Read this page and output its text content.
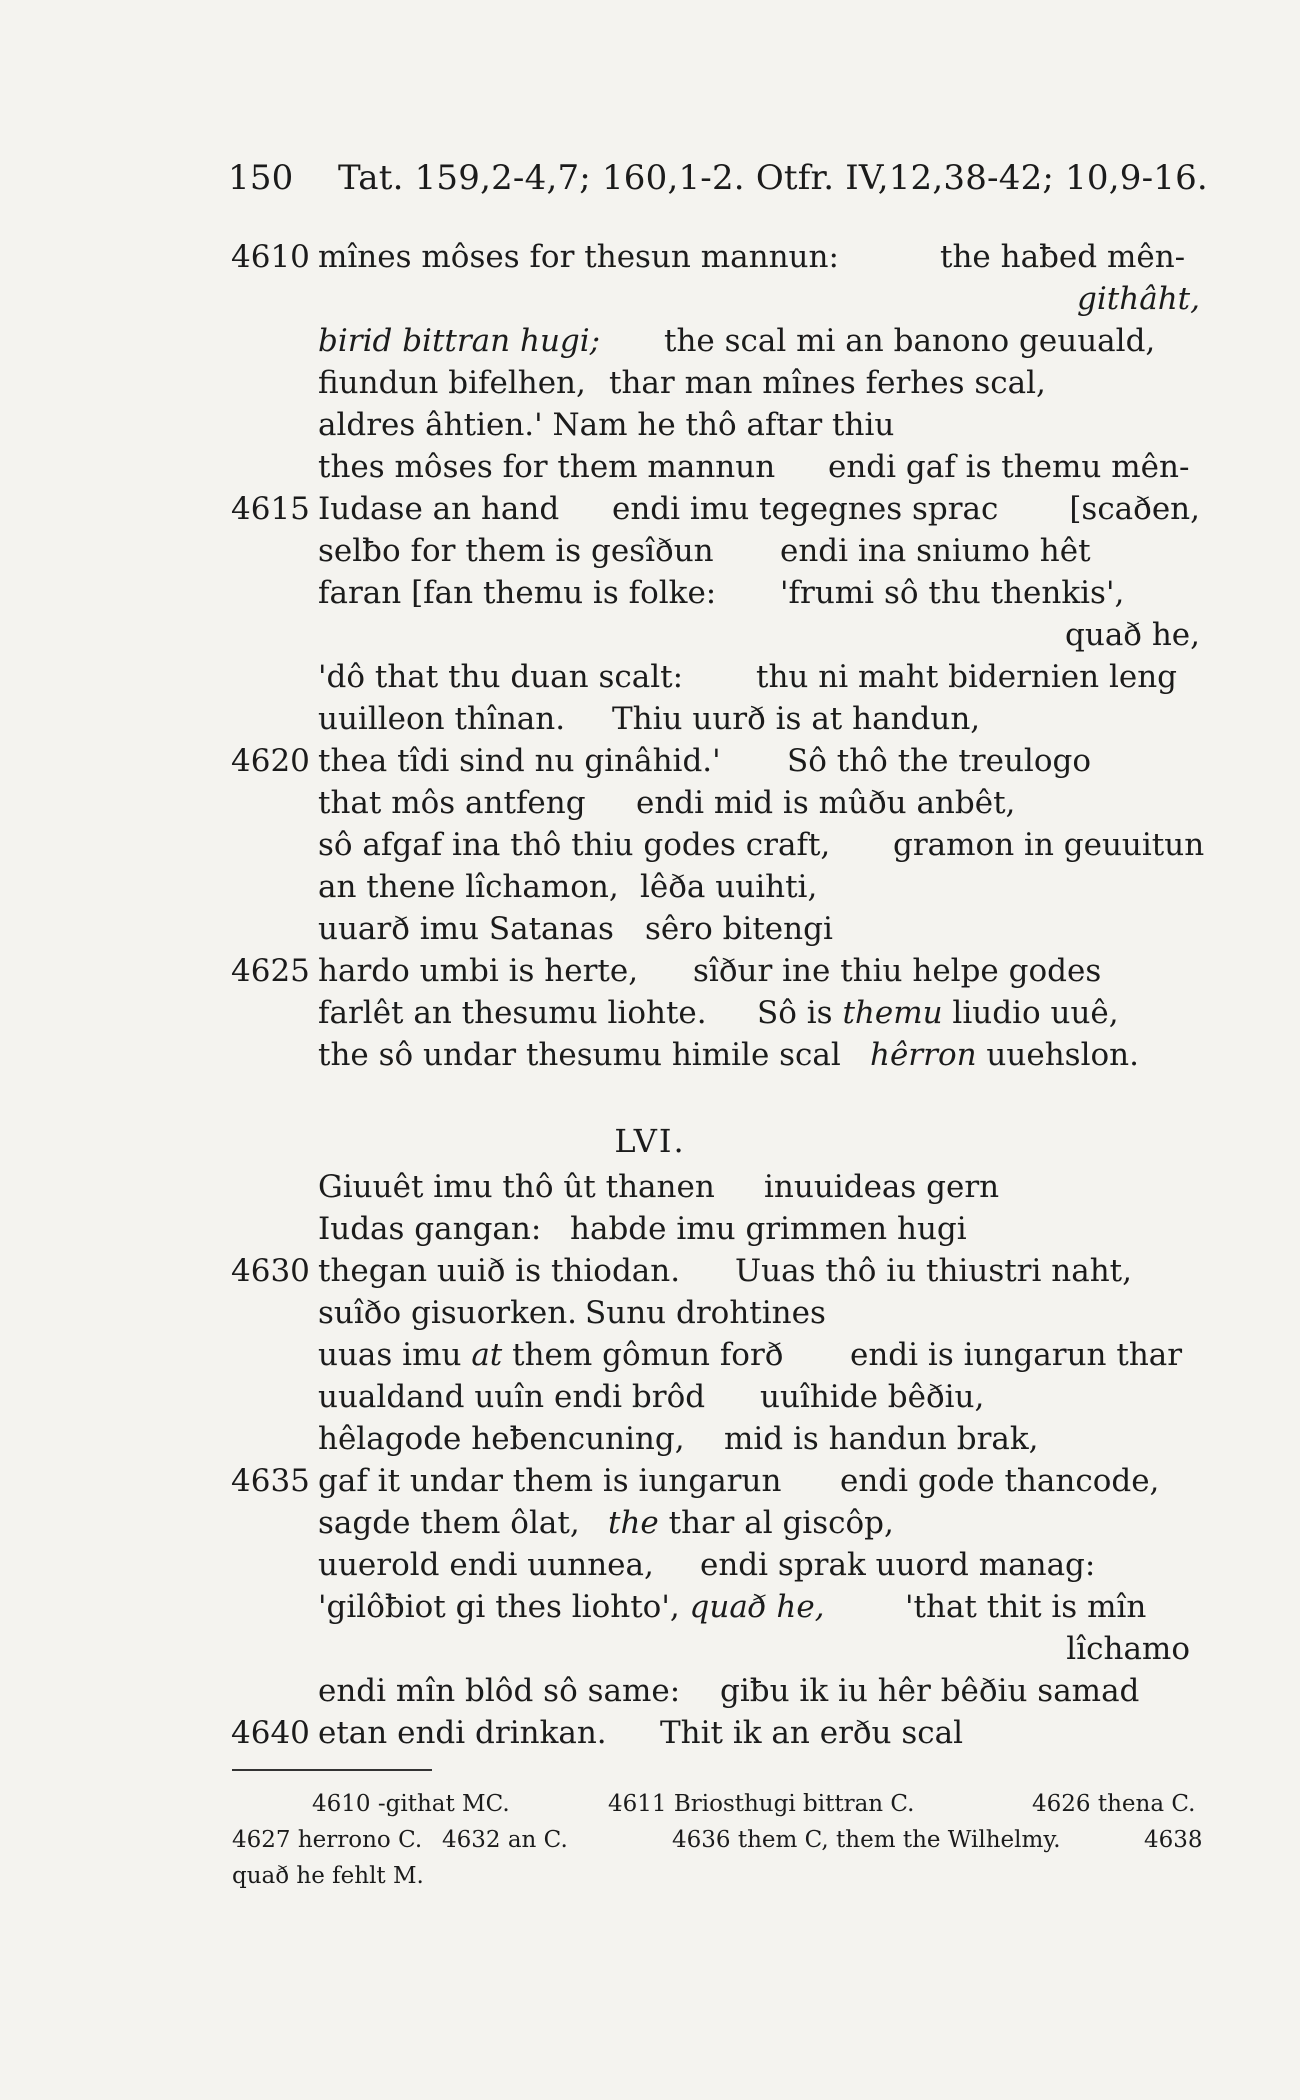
150 Tat. 159,2-4,7; 160,1-2. Otfr. IV,12,38-42; 10,9-16.
4610 mînes môses for thesun mannun:	the haƀed mên-
githâht,
birid bittran hugi; the scal mi an banono geuuald,
fiundun bifelhen, thar man mînes ferhes scal,
aldres âhtien.' Nam he thô aftar thiu
thes môses for them mannun endi gaf is themu mên-
4615 Iudase an hand endi imu tegegnes sprac [scaðen,
selƀo for them is gesîðun endi ina sniumo hêt
faran [fan themu is folke: 'frumi sô thu thenkis',
quað he,
'dô that thu duan scalt: thu ni maht bidernien leng
uuilleon thînan. Thiu uurð is at handun,
4620 thea tîdi sind nu ginâhid.' Sô thô the treulogo
that môs antfeng endi mid is mûðu anbêt,
sô afgaf ina thô thiu godes craft, gramon in geuuitun
an thene lîchamon, lêða uuihti,
uuarð imu Satanas sêro bitengi
4625 hardo umbi is herte, sîður ine thiu helpe godes
farlêt an thesumu liohte. Sô is themu liudio uuê,
the sô undar thesumu himile scal hêrron uuehslon.
LVI.
Giuuêt imu thô ût thanen inuuideas gern
Iudas gangan: habde imu grimmen hugi
4630 thegan uuið is thiodan. Uuas thô iu thiustri naht,
suîðo gisuorken. Sunu drohtines
uuas imu at them gômun forð endi is iungarun thar
uualdand uuîn endi brôd uuîhide bêðiu,
hêlagode heƀencuning, mid is handun brak,
4635 gaf it undar them is iungarun endi gode thancode,
sagde them ôlat, the thar al giscôp,
uuerold endi uunnea, endi sprak uuord manag:
'gilôƀiot gi thes liohto', quað he,	'that thit is mîn
lîchamo
endi mîn blôd sô same: giƀu ik iu hêr bêðiu samad
4640 etan endi drinkan. Thit ik an erðu scal
4610 -githat MC.	4611 Briosthugi bittran C.	4626 thena C.
4627 herrono C. 4632 an C.	4636 them C, them the Wilhelmy.	4638
quað he fehlt M.
